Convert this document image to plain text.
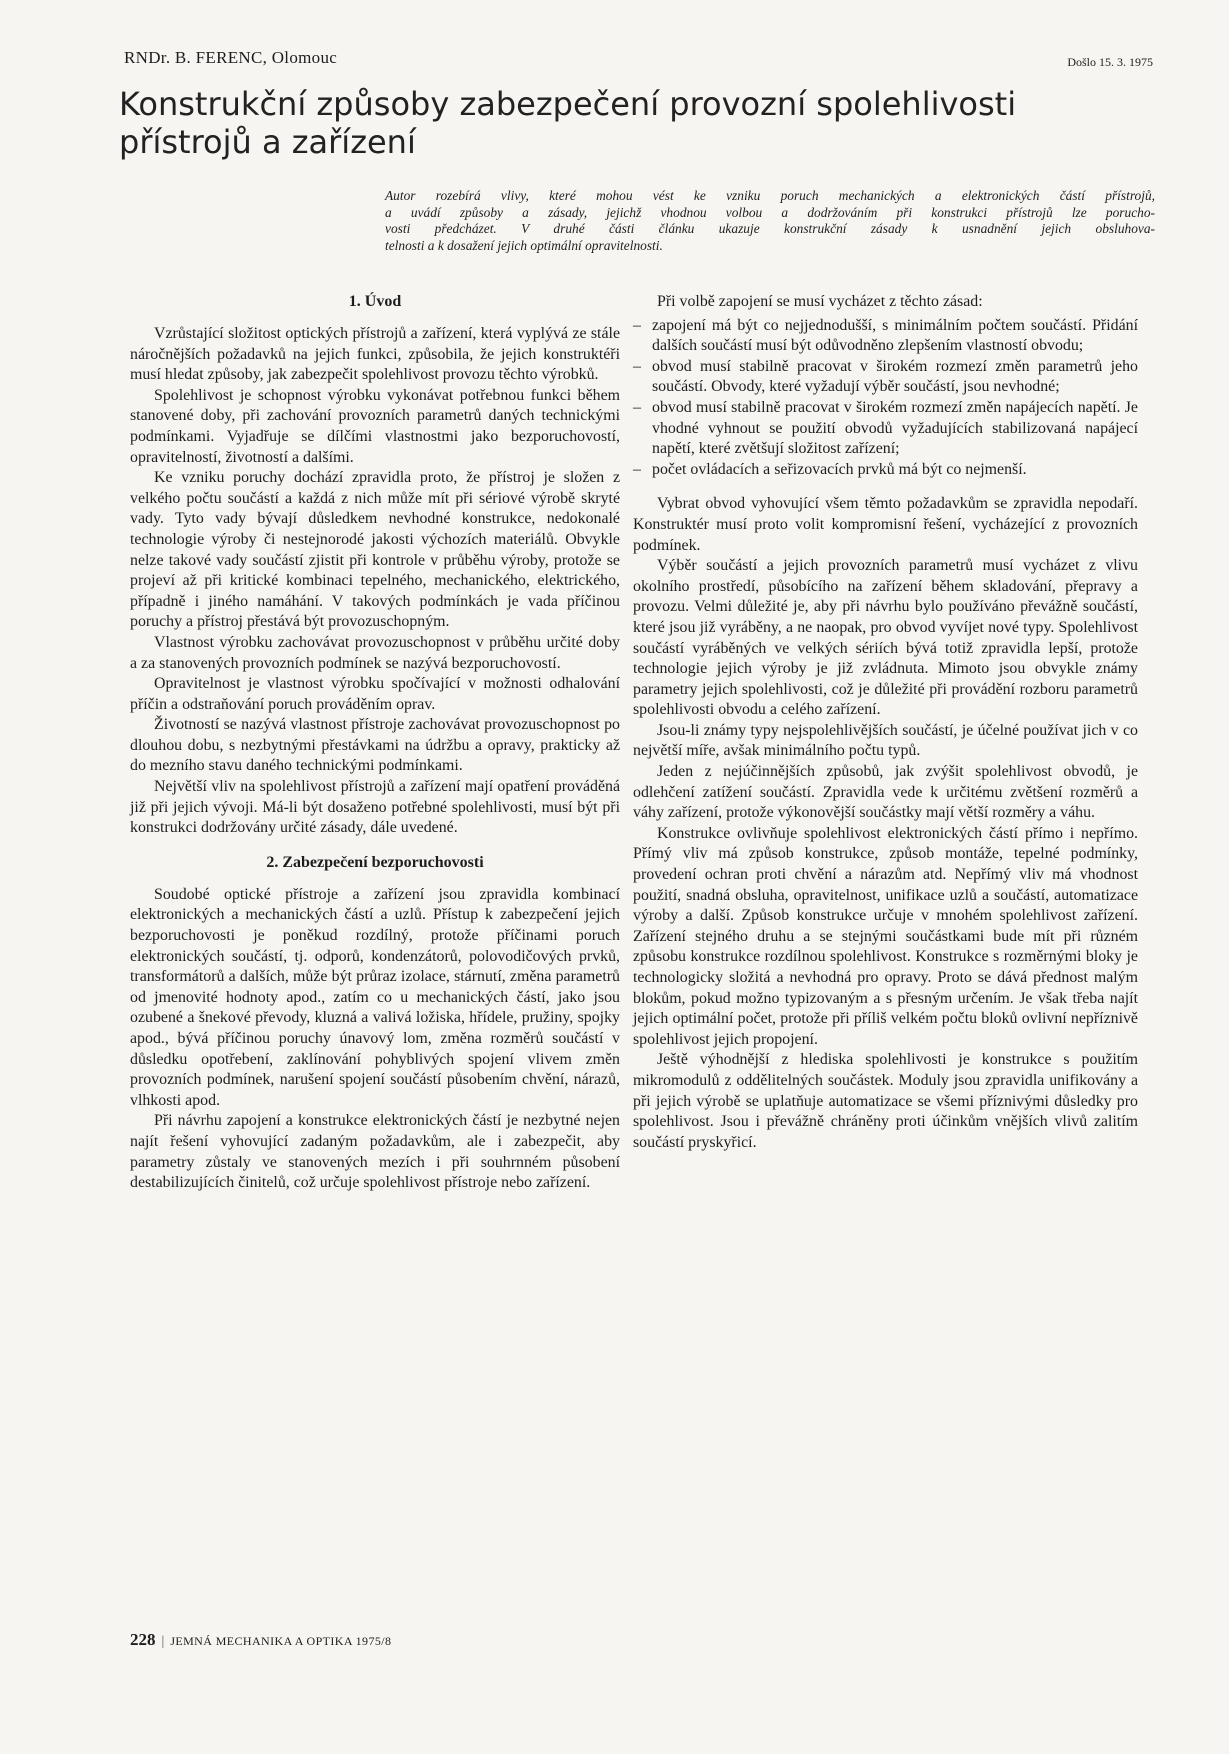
RNDr. B. FERENC, Olomouc	Došlo 15. 3. 1975
Konstrukční způsoby zabezpečení provozní spolehlivosti
přístrojů a zařízení
Autor rozebírá vlivy, které mohou vést ke vzniku poruch mechanických a elektronických částí přístrojů,
a uvádí způsoby a zásady, jejichž vhodnou volbou a dodržováním při konstrukci přístrojů lze porucho-
vosti předcházet. V druhé části článku ukazuje konstrukční zásady k usnadnění jejich obsluhova-
telnosti a k dosažení jejich optimální opravitelnosti.
1. Úvod

Vzrůstající složitost optických přístrojů a zařízení, která vyplývá ze stále náročnějších požadavků na jejich funkci, způsobila, že jejich konstruktéři musí hledat způsoby, jak zabezpečit spolehlivost provozu těchto výrobků.

Spolehlivost je schopnost výrobku vykonávat potřebnou funkci během stanovené doby, při zachování provozních parametrů daných technickými podmínkami. Vyjadřuje se dílčími vlastnostmi jako bezporuchovostí, opravitelností, životností a dalšími.

Ke vzniku poruchy dochází zpravidla proto, že přístroj je složen z velkého počtu součástí a každá z nich může mít při sériové výrobě skryté vady. Tyto vady bývají důsledkem nevhodné konstrukce, nedokonalé technologie výroby či nestejnorodé jakosti výchozích materiálů. Obvykle nelze takové vady součástí zjistit při kontrole v průběhu výroby, protože se projeví až při kritické kombinaci tepelného, mechanického, elektrického, případně i jiného namáhání. V takových podmínkách je vada příčinou poruchy a přístroj přestává být provozuschopným.

Vlastnost výrobku zachovávat provozuschopnost v průběhu určité doby a za stanovených provozních podmínek se nazývá bezporuchovostí.

Opravitelnost je vlastnost výrobku spočívající v možnosti odhalování příčin a odstraňování poruch prováděním oprav.

Životností se nazývá vlastnost přístroje zachovávat provozuschopnost po dlouhou dobu, s nezbytnými přestávkami na údržbu a opravy, prakticky až do mezního stavu daného technickými podmínkami.

Největší vliv na spolehlivost přístrojů a zařízení mají opatření prováděná již při jejich vývoji. Má-li být dosaženo potřebné spolehlivosti, musí být při konstrukci dodržovány určité zásady, dále uvedené.

2. Zabezpečení bezporuchovosti

Soudobé optické přístroje a zařízení jsou zpravidla kombinací elektronických a mechanických částí a uzlů. Přístup k zabezpečení jejich bezporuchovosti je poněkud rozdílný, protože příčinami poruch elektronických součástí, tj. odporů, kondenzátorů, polovodičových prvků, transformátorů a dalších, může být průraz izolace, stárnutí, změna parametrů od jmenovité hodnoty apod., zatím co u mechanických částí, jako jsou ozubené a šnekové převody, kluzná a valivá ložiska, hřídele, pružiny, spojky apod., bývá příčinou poruchy únavový lom, změna rozměrů součástí v důsledku opotřebení, zaklínování pohyblivých spojení vlivem změn provozních podmínek, narušení spojení součástí působením chvění, nárazů, vlhkosti apod.

Při návrhu zapojení a konstrukce elektronických částí je nezbytné nejen najít řešení vyhovující zadaným požadavkům, ale i zabezpečit, aby parametry zůstaly ve stanovených mezích i při souhrnném působení destabilizujících činitelů, což určuje spolehlivost přístroje nebo zařízení.

Při volbě zapojení se musí vycházet z těchto zásad:

– zapojení má být co nejjednodušší, s minimálním počtem součástí. Přidání dalších součástí musí být odůvodněno zlepšením vlastností obvodu;
– obvod musí stabilně pracovat v širokém rozmezí změn parametrů jeho součástí. Obvody, které vyžadují výběr součástí, jsou nevhodné;
– obvod musí stabilně pracovat v širokém rozmezí změn napájecích napětí. Je vhodné vyhnout se použití obvodů vyžadujících stabilizovaná napájecí napětí, které zvětšují složitost zařízení;
– počet ovládacích a seřizovacích prvků má být co nejmenší.

Vybrat obvod vyhovující všem těmto požadavkům se zpravidla nepodaří. Konstruktér musí proto volit kompromisní řešení, vycházející z provozních podmínek.

Výběr součástí a jejich provozních parametrů musí vycházet z vlivu okolního prostředí, působícího na zařízení během skladování, přepravy a provozu. Velmi důležité je, aby při návrhu bylo používáno převážně součástí, které jsou již vyráběny, a ne naopak, pro obvod vyvíjet nové typy. Spolehlivost součástí vyráběných ve velkých sériích bývá totiž zpravidla lepší, protože technologie jejich výroby je již zvládnuta. Mimoto jsou obvykle známy parametry jejich spolehlivosti, což je důležité při provádění rozboru parametrů spolehlivosti obvodu a celého zařízení.

Jsou-li známy typy nejspolehlivějších součástí, je účelné používat jich v co největší míře, avšak minimálního počtu typů.

Jeden z nejúčinnějších způsobů, jak zvýšit spolehlivost obvodů, je odlehčení zatížení součástí. Zpravidla vede k určitému zvětšení rozměrů a váhy zařízení, protože výkonovější součástky mají větší rozměry a váhu.

Konstrukce ovlivňuje spolehlivost elektronických částí přímo i nepřímo. Přímý vliv má způsob konstrukce, způsob montáže, tepelné podmínky, provedení ochran proti chvění a nárazům atd. Nepřímý vliv má vhodnost použití, snadná obsluha, opravitelnost, unifikace uzlů a součástí, automatizace výroby a další. Způsob konstrukce určuje v mnohém spolehlivost zařízení. Zařízení stejného druhu a se stejnými součástkami bude mít při různém způsobu konstrukce rozdílnou spolehlivost. Konstrukce s rozměrnými bloky je technologicky složitá a nevhodná pro opravy. Proto se dává přednost malým blokům, pokud možno typizovaným a s přesným určením. Je však třeba najít jejich optimální počet, protože při příliš velkém počtu bloků ovlivní nepříznivě spolehlivost jejich propojení.

Ještě výhodnější z hlediska spolehlivosti je konstrukce s použitím mikromodulů z oddělitelných součástek. Moduly jsou zpravidla unifikovány a při jejich výrobě se uplatňuje automatizace se všemi příznivými důsledky pro spolehlivost. Jsou i převážně chráněny proti účinkům vnějších vlivů zalitím součástí pryskyřicí.

228 | JEMNÁ MECHANIKA A OPTIKA 1975/8
